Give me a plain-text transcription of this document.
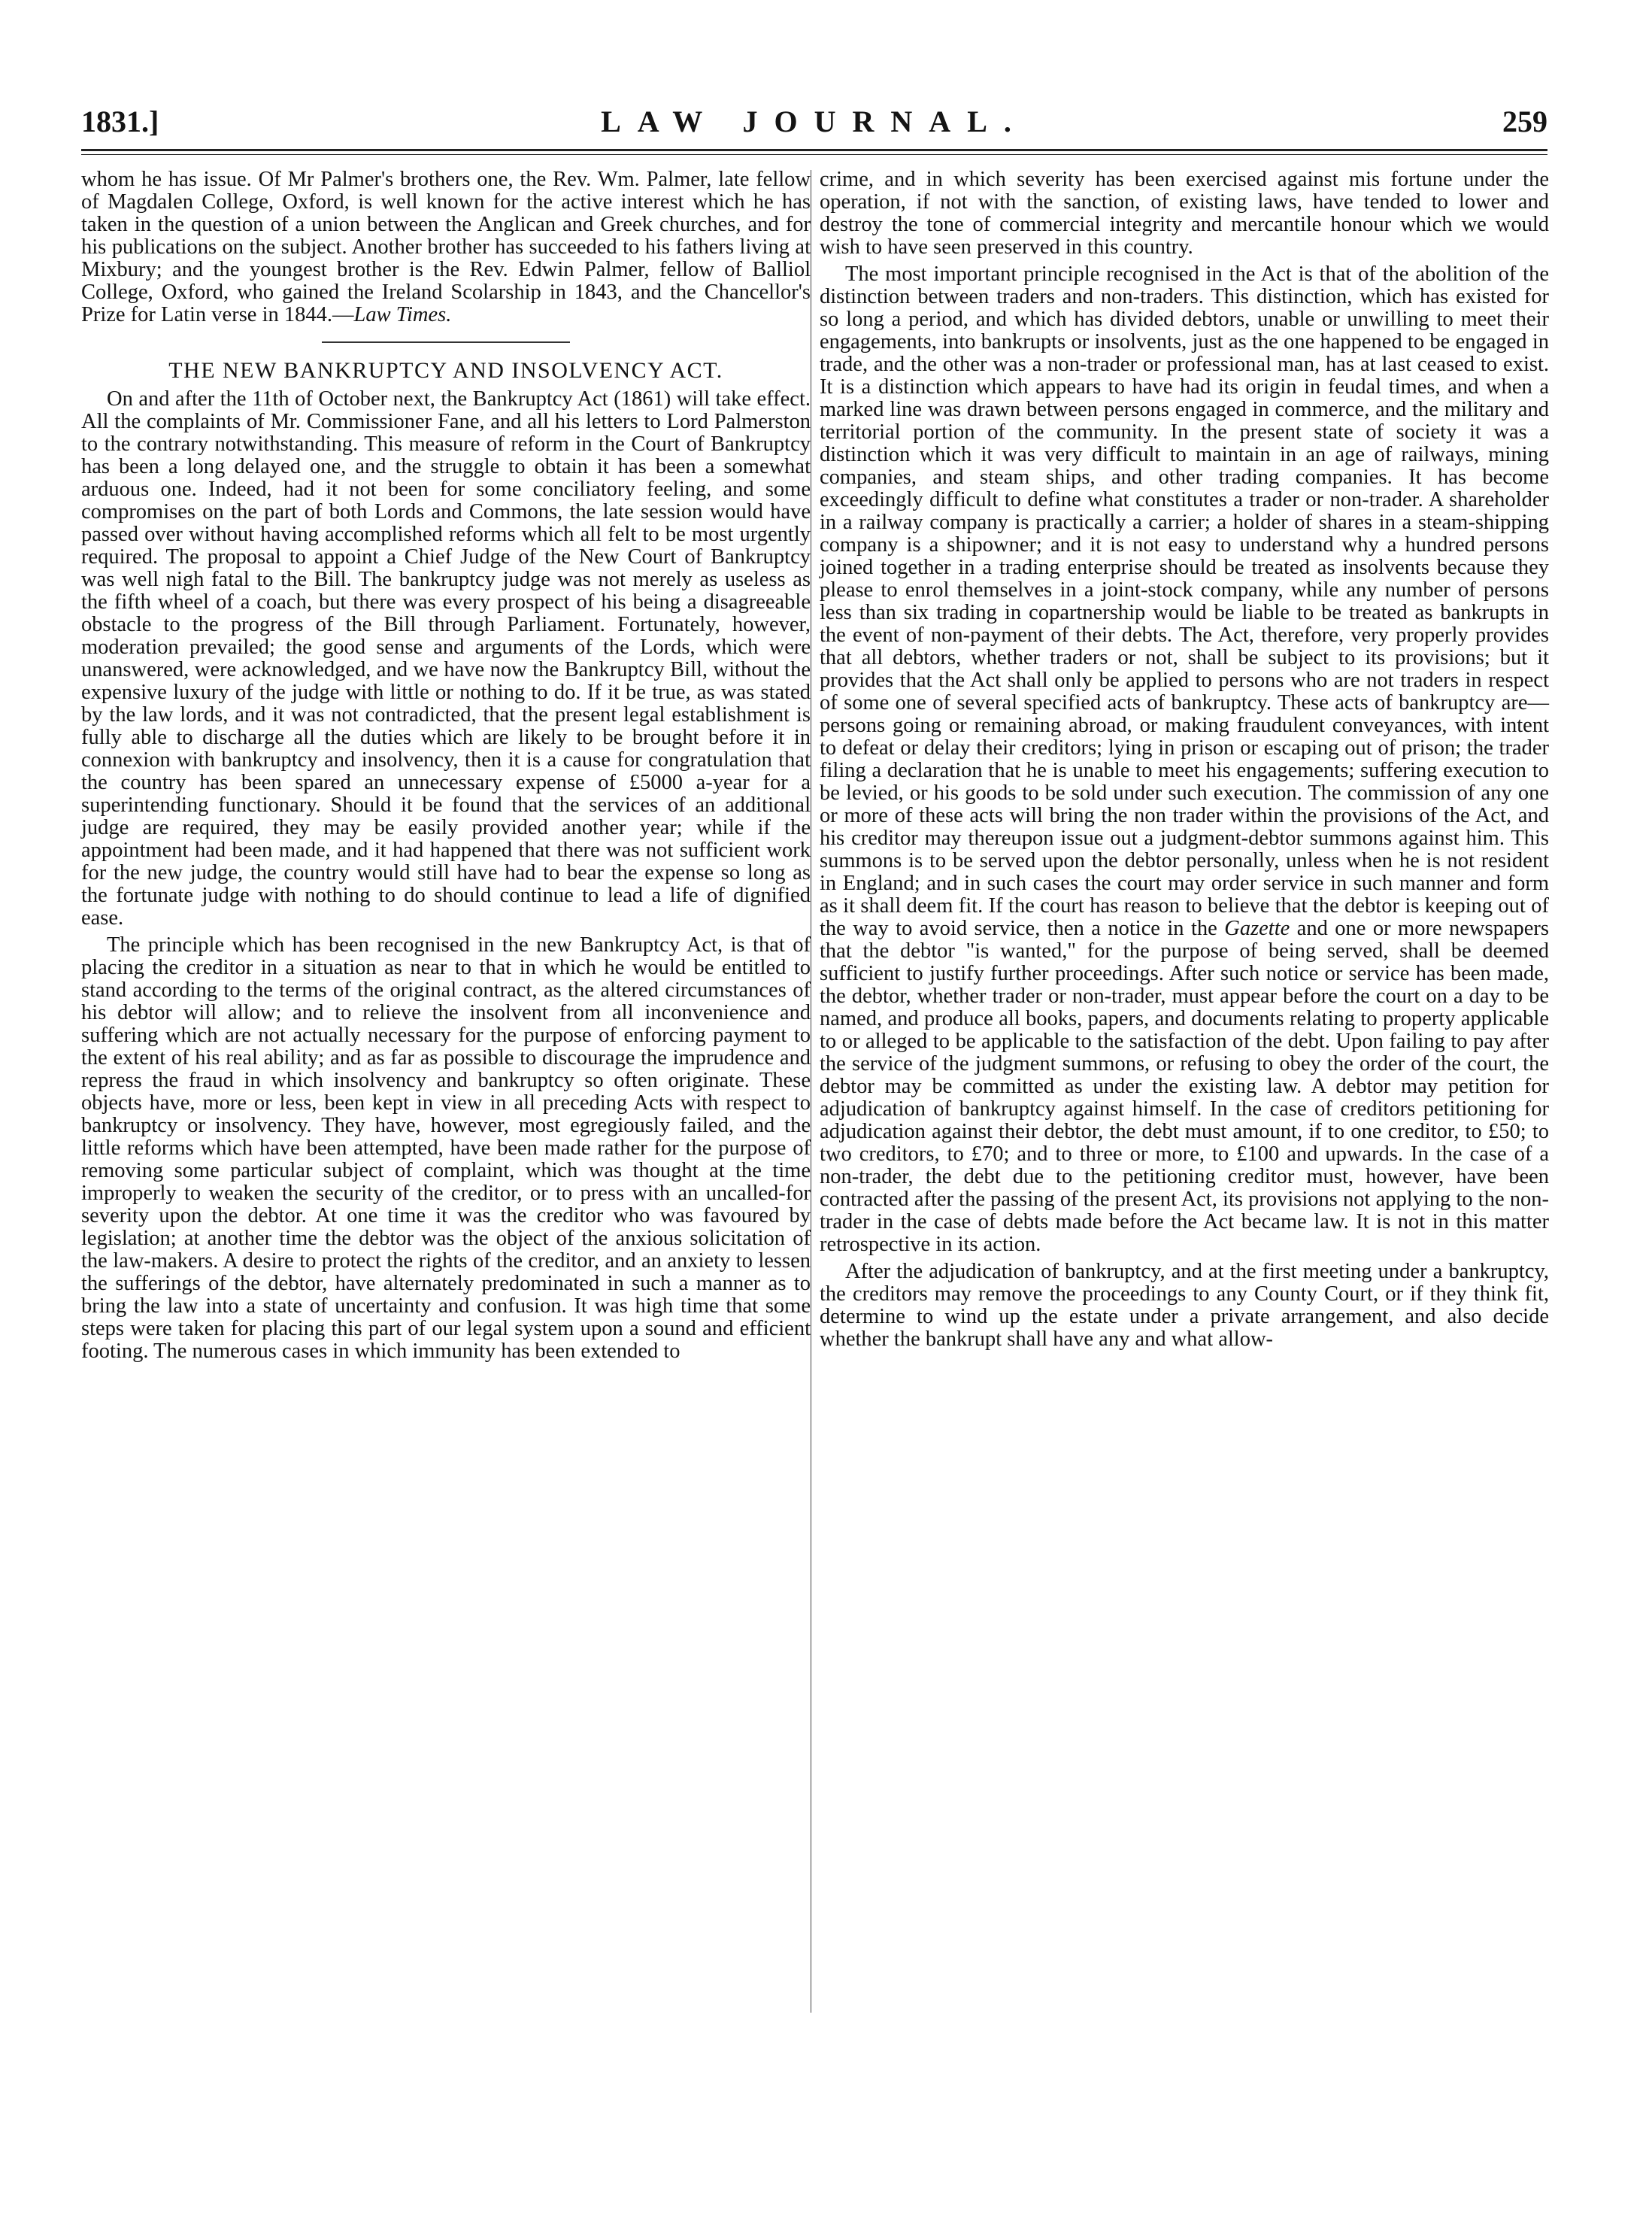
1831.]	LAW JOURNAL.	259

whom he has issue. Of Mr Palmer's brothers one, the Rev. Wm. Palmer, late fellow of Magdalen College, Oxford, is well known for the active interest which he has taken in the question of a union between the Anglican and Greek churches, and for his publications on the subject. Another brother has succeeded to his fathers living at Mixbury; and the youngest brother is the Rev. Edwin Palmer, fellow of Balliol College, Oxford, who gained the Ireland Scolarship in 1843, and the Chancellor's Prize for Latin verse in 1844.—Law Times.

THE NEW BANKRUPTCY AND INSOLVENCY ACT.

On and after the 11th of October next, the Bankruptcy Act (1861) will take effect. All the complaints of Mr. Commissioner Fane, and all his letters to Lord Palmerston to the contrary notwithstanding. This measure of reform in the Court of Bankruptcy has been a long delayed one, and the struggle to obtain it has been a somewhat arduous one. Indeed, had it not been for some conciliatory feeling, and some compromises on the part of both Lords and Commons, the late session would have passed over without having accomplished reforms which all felt to be most urgently required. The proposal to appoint a Chief Judge of the New Court of Bankruptcy was well nigh fatal to the Bill. The bankruptcy judge was not merely as useless as the fifth wheel of a coach, but there was every prospect of his being a disagreeable obstacle to the progress of the Bill through Parliament. Fortunately, however, moderation prevailed; the good sense and arguments of the Lords, which were unanswered, were acknowledged, and we have now the Bankruptcy Bill, without the expensive luxury of the judge with little or nothing to do. If it be true, as was stated by the law lords, and it was not contradicted, that the present legal establishment is fully able to discharge all the duties which are likely to be brought before it in connexion with bankruptcy and insolvency, then it is a cause for congratulation that the country has been spared an unnecessary expense of £5000 a-year for a superintending functionary. Should it be found that the services of an additional judge are required, they may be easily provided another year; while if the appointment had been made, and it had happened that there was not sufficient work for the new judge, the country would still have had to bear the expense so long as the fortunate judge with nothing to do should continue to lead a life of dignified ease.

The principle which has been recognised in the new Bankruptcy Act, is that of placing the creditor in a situation as near to that in which he would be entitled to stand according to the terms of the original contract, as the altered circumstances of his debtor will allow; and to relieve the insolvent from all inconvenience and suffering which are not actually necessary for the purpose of enforcing payment to the extent of his real ability; and as far as possible to discourage the imprudence and repress the fraud in which insolvency and bankruptcy so often originate. These objects have, more or less, been kept in view in all preceding Acts with respect to bankruptcy or insolvency. They have, however, most egregiously failed, and the little reforms which have been attempted, have been made rather for the purpose of removing some particular subject of complaint, which was thought at the time improperly to weaken the security of the creditor, or to press with an uncalled-for severity upon the debtor. At one time it was the creditor who was favoured by legislation; at another time the debtor was the object of the anxious solicitation of the law-makers. A desire to protect the rights of the creditor, and an anxiety to lessen the sufferings of the debtor, have alternately predominated in such a manner as to bring the law into a state of uncertainty and confusion. It was high time that some steps were taken for placing this part of our legal system upon a sound and efficient footing. The numerous cases in which immunity has been extended to

crime, and in which severity has been exercised against mis fortune under the operation, if not with the sanction, of existing laws, have tended to lower and destroy the tone of commercial integrity and mercantile honour which we would wish to have seen preserved in this country.

The most important principle recognised in the Act is that of the abolition of the distinction between traders and non-traders. This distinction, which has existed for so long a period, and which has divided debtors, unable or unwilling to meet their engagements, into bankrupts or insolvents, just as the one happened to be engaged in trade, and the other was a non-trader or professional man, has at last ceased to exist. It is a distinction which appears to have had its origin in feudal times, and when a marked line was drawn between persons engaged in commerce, and the military and territorial portion of the community. In the present state of society it was a distinction which it was very difficult to maintain in an age of railways, mining companies, and steam ships, and other trading companies. It has become exceedingly difficult to define what constitutes a trader or non-trader. A shareholder in a railway company is practically a carrier; a holder of shares in a steam-shipping company is a shipowner; and it is not easy to understand why a hundred persons joined together in a trading enterprise should be treated as insolvents because they please to enrol themselves in a joint-stock company, while any number of persons less than six trading in copartnership would be liable to be treated as bankrupts in the event of non-payment of their debts. The Act, therefore, very properly provides that all debtors, whether traders or not, shall be subject to its provisions; but it provides that the Act shall only be applied to persons who are not traders in respect of some one of several specified acts of bankruptcy. These acts of bankruptcy are—persons going or remaining abroad, or making fraudulent conveyances, with intent to defeat or delay their creditors; lying in prison or escaping out of prison; the trader filing a declaration that he is unable to meet his engagements; suffering execution to be levied, or his goods to be sold under such execution. The commission of any one or more of these acts will bring the non trader within the provisions of the Act, and his creditor may thereupon issue out a judgment-debtor summons against him. This summons is to be served upon the debtor personally, unless when he is not resident in England; and in such cases the court may order service in such manner and form as it shall deem fit. If the court has reason to believe that the debtor is keeping out of the way to avoid service, then a notice in the Gazette and one or more newspapers that the debtor "is wanted," for the purpose of being served, shall be deemed sufficient to justify further proceedings. After such notice or service has been made, the debtor, whether trader or non-trader, must appear before the court on a day to be named, and produce all books, papers, and documents relating to property applicable to or alleged to be applicable to the satisfaction of the debt. Upon failing to pay after the service of the judgment summons, or refusing to obey the order of the court, the debtor may be committed as under the existing law. A debtor may petition for adjudication of bankruptcy against himself. In the case of creditors petitioning for adjudication against their debtor, the debt must amount, if to one creditor, to £50; to two creditors, to £70; and to three or more, to £100 and upwards. In the case of a non-trader, the debt due to the petitioning creditor must, however, have been contracted after the passing of the present Act, its provisions not applying to the non-trader in the case of debts made before the Act became law. It is not in this matter retrospective in its action.

After the adjudication of bankruptcy, and at the first meeting under a bankruptcy, the creditors may remove the proceedings to any County Court, or if they think fit, determine to wind up the estate under a private arrangement, and also decide whether the bankrupt shall have any and what allow-
